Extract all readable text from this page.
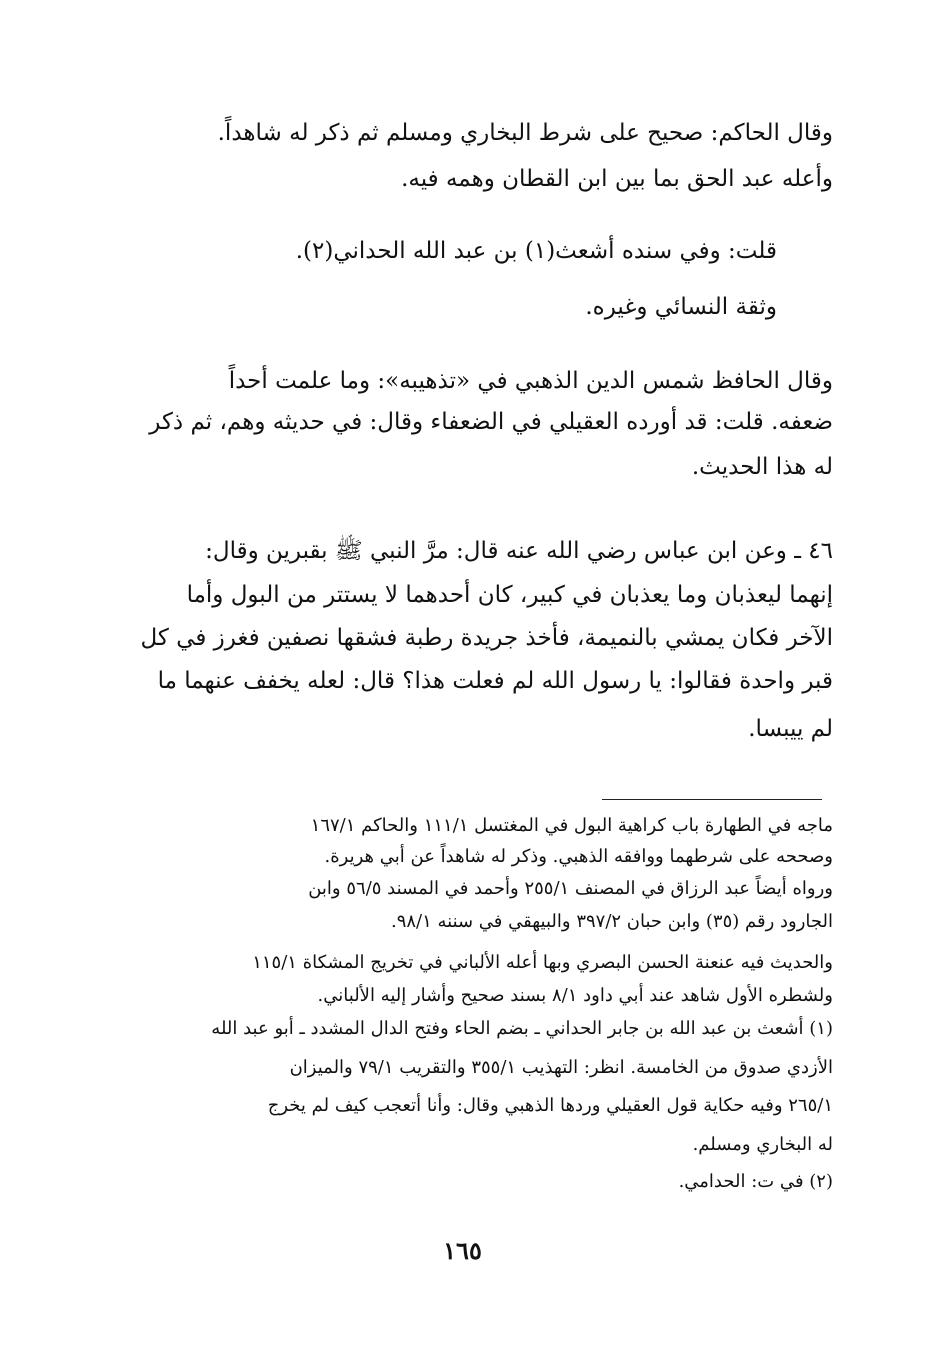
وقال الحاكم: صحيح على شرط البخاري ومسلم ثم ذكر له شاهداً.
وأعله عبد الحق بما بين ابن القطان وهمه فيه.
قلت: وفي سنده أشعث(١) بن عبد الله الحداني(٢).
وثقة النسائي وغيره.
وقال الحافظ شمس الدين الذهبي في «تذهيبه»: وما علمت أحداً
ضعفه. قلت: قد أورده العقيلي في الضعفاء وقال: في حديثه وهم، ثم ذكر
له هذا الحديث.
٤٦ ـ وعن ابن عباس رضي الله عنه قال: مرَّ النبي ﷺ بقبرين وقال:
إنهما ليعذبان وما يعذبان في كبير، كان أحدهما لا يستتر من البول وأما
الآخر فكان يمشي بالنميمة، فأخذ جريدة رطبة فشقها نصفين فغرز في كل
قبر واحدة فقالوا: يا رسول الله لم فعلت هذا؟ قال: لعله يخفف عنهما ما
لم ييبسا.
ماجه في الطهارة باب كراهية البول في المغتسل ١١١/١ والحاكم ١٦٧/١
وصححه على شرطهما ووافقه الذهبي. وذكر له شاهداً عن أبي هريرة.
ورواه أيضاً عبد الرزاق في المصنف ٢٥٥/١ وأحمد في المسند ٥٦/٥ وابن
الجارود رقم (٣٥) وابن حبان ٣٩٧/٢ والبيهقي في سننه ٩٨/١.
والحديث فيه عنعنة الحسن البصري وبها أعله الألباني في تخريج المشكاة ١١٥/١
ولشطره الأول شاهد عند أبي داود ٨/١ بسند صحيح وأشار إليه الألباني.
(١) أشعث بن عبد الله بن جابر الحداني ـ بضم الحاء وفتح الدال المشدد ـ أبو عبد الله
الأزدي صدوق من الخامسة. انظر: التهذيب ٣٥٥/١ والتقريب ٧٩/١ والميزان
٢٦٥/١ وفيه حكاية قول العقيلي وردها الذهبي وقال: وأنا أتعجب كيف لم يخرج
له البخاري ومسلم.
(٢) في ت: الحدامي.
١٦٥
